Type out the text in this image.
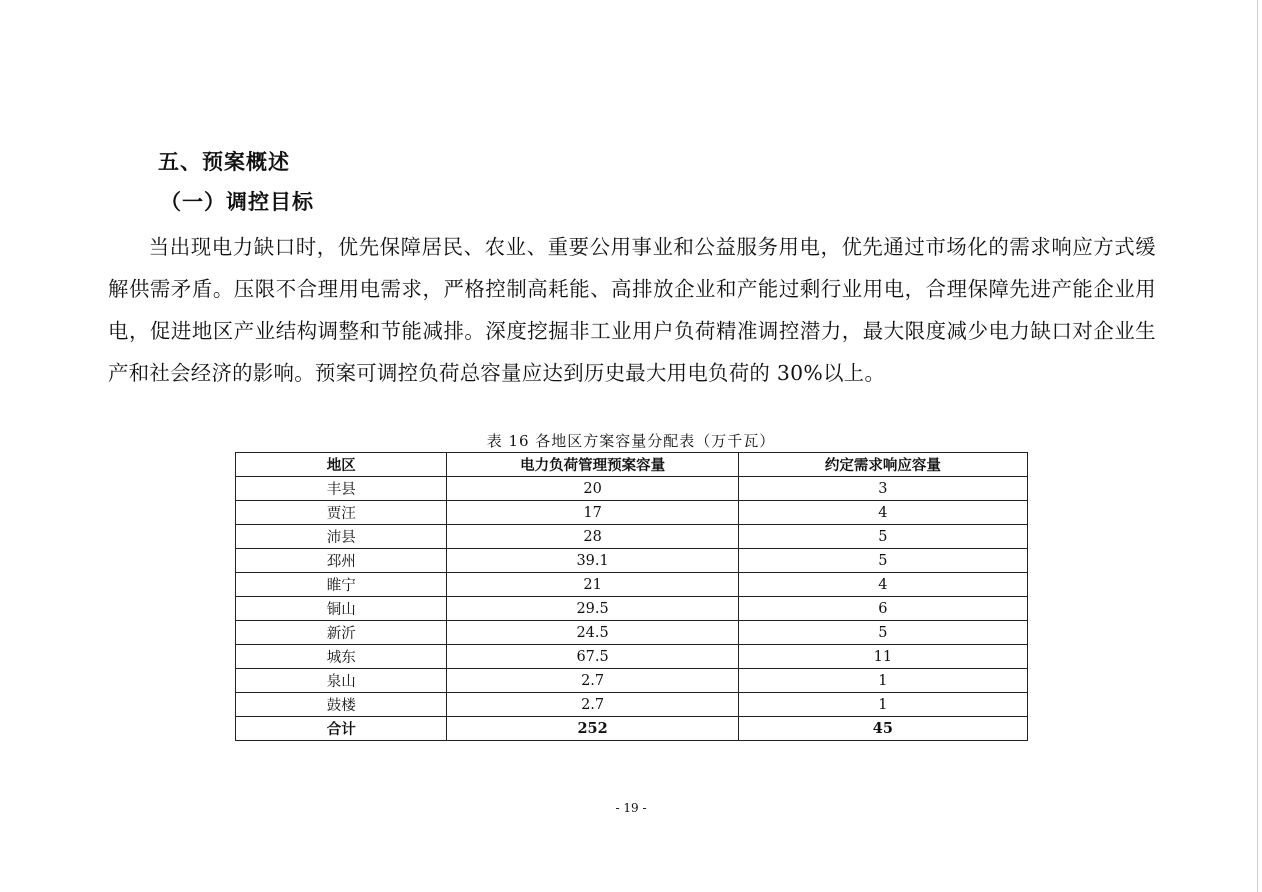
五、预案概述
（一）调控目标

当出现电力缺口时，优先保障居民、农业、重要公用事业和公益服务用电，优先通过市场化的需求响应方式缓解供需矛盾。压限不合理用电需求，严格控制高耗能、高排放企业和产能过剩行业用电，合理保障先进产能企业用电，促进地区产业结构调整和节能减排。深度挖掘非工业用户负荷精准调控潜力，最大限度减少电力缺口对企业生产和社会经济的影响。预案可调控负荷总容量应达到历史最大用电负荷的 30%以上。

表 16 各地区方案容量分配表（万千瓦）
地区	电力负荷管理预案容量	约定需求响应容量
丰县	20	3
贾汪	17	4
沛县	28	5
邳州	39.1	5
睢宁	21	4
铜山	29.5	6
新沂	24.5	5
城东	67.5	11
泉山	2.7	1
鼓楼	2.7	1
合计	252	45
- 19 -
